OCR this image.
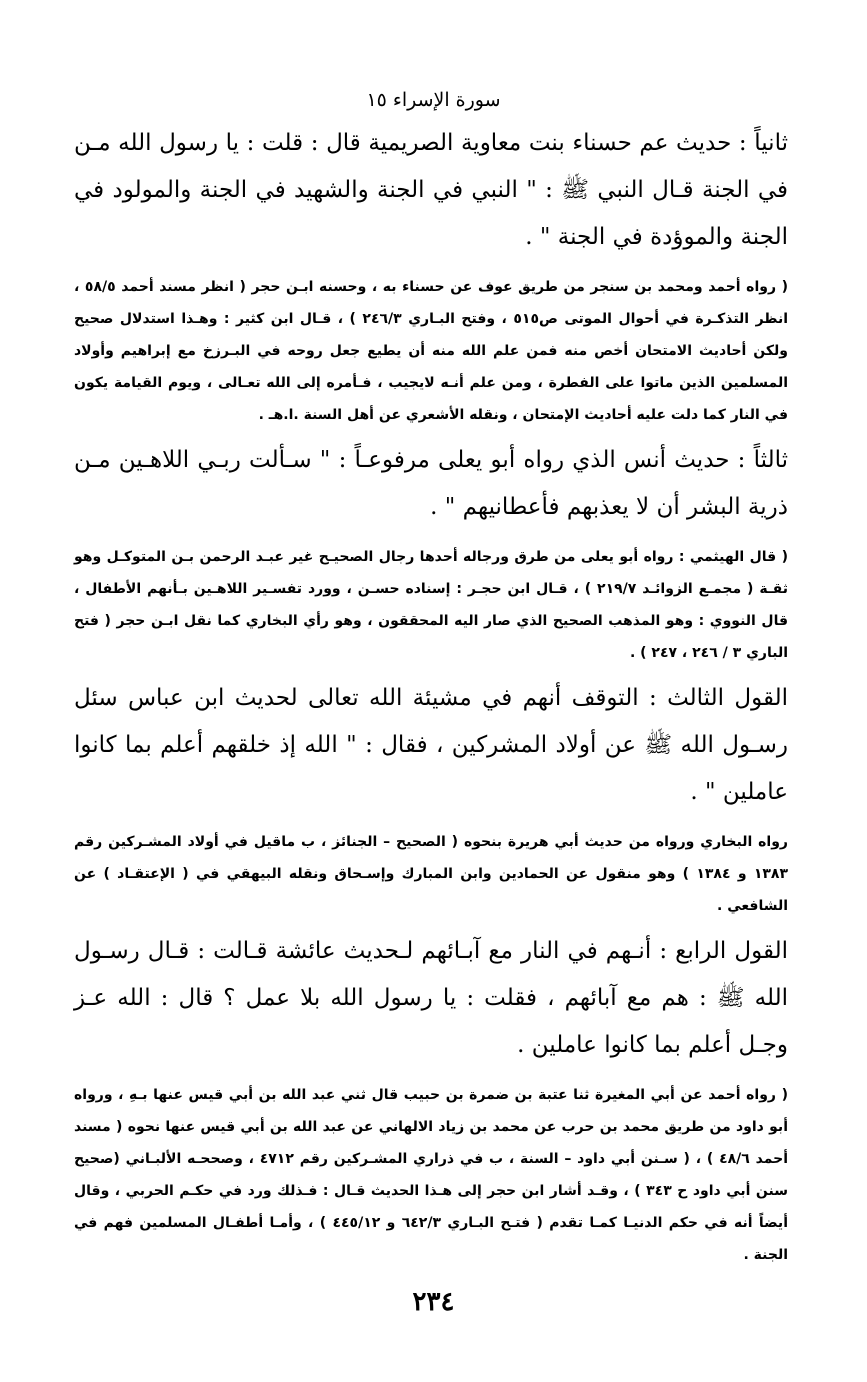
سورة الإسراء ١٥

ثانياً : حديث عم حسناء بنت معاوية الصريمية قال : قلت : يا رسول الله مـن في الجنة قـال النبي ﷺ : " النبي في الجنة والشهيد في الجنة والمولود في الجنة والموؤدة في الجنة " .

( رواه أحمد ومحمد بن سنجر من طريق عوف عن حسناء به ، وحسنه ابـن حجر ( انظر مسند أحمد ٥٨/٥ ، انظر التذكـرة في أحوال الموتى ص٥١٥ ، وفتح البـاري ٢٤٦/٣ ) ، قـال ابن كثير : وهـذا استدلال صحيح ولكن أحاديث الامتحان أخص منه فمن علم الله منه أن يطيع جعل روحه في البـرزخ مع إبراهيم وأولاد المسلمين الذين ماتوا على الفطرة ، ومن علم أنـه لايجيب ، فـأمره إلى الله تعـالى ، ويوم القيامة يكون في النار كما دلت عليه أحاديث الإمتحان ، ونقله الأشعري عن أهل السنة .ا.هـ .

ثالثاً : حديث أنس الذي رواه أبو يعلى مرفوعـاً : " سـألت ربـي اللاهـين مـن ذرية البشر أن لا يعذبهم فأعطانيهم " .

( قال الهيثمي : رواه أبو يعلى من طرق ورجاله أحدها رجال الصحيـح غير عبـد الرحمن بـن المتوكـل وهو ثقـة ( مجمـع الزوائـد ٢١٩/٧ ) ، قـال ابن حجـر : إسناده حسـن ، وورد تفسـير اللاهـين بـأنهم الأطفال ، قال النووي : وهو المذهب الصحيح الذي صار اليه المحققون ، وهو رأي البخاري كما نقل ابـن حجر ( فتح الباري ٣ / ٢٤٦ ، ٢٤٧ ) .

القول الثالث : التوقف أنهم في مشيئة الله تعالى لحديث ابن عباس سئل رسـول الله ﷺ عن أولاد المشركين ، فقال : " الله إذ خلقهم أعلم بما كانوا عاملين " .

رواه البخاري ورواه من حديث أبي هريرة بنحوه ( الصحيح – الجنائز ، ب ماقيل في أولاد المشـركين رقم ١٣٨٣ و ١٣٨٤ ) وهو منقول عن الحمادين وابن المبارك وإسـحاق ونقله البيهقي في ( الإعتقـاد ) عن الشافعي .

القول الرابع : أنـهم في النار مع آبـائهم لـحديث عائشة قـالت : قـال رسـول الله ﷺ : هم مع آبائهم ، فقلت : يا رسول الله بلا عمل ؟ قال : الله عـز وجـل أعلم بما كانوا عاملين .

( رواه أحمد عن أبي المغيرة ثنا عتبة بن ضمرة بن حبيب قال ثني عبد الله بن أبي قيس عنها بـهِ ، ورواه أبو داود من طريق محمد بن حرب عن محمد بن زياد الالهاني عن عبد الله بن أبي قيس عنها نحوه ( مسند أحمد ٤٨/٦ ) ، ( سـنن أبي داود – السنة ، ب في ذراري المشـركين رقم ٤٧١٢ ، وصححـه الألبـاني (صحيح سنن أبي داود ح ٣٤٣ ) ، وقـد أشار ابن حجر إلى هـذا الحديث قـال : فـذلك ورد في حكـم الحربي ، وقال أيضاً أنه في حكم الدنيـا كمـا تقدم ( فتـح البـاري ٦٤٢/٣ و ٤٤٥/١٢ ) ، وأمـا أطفـال المسلمين فهم في الجنة .

٢٣٤
